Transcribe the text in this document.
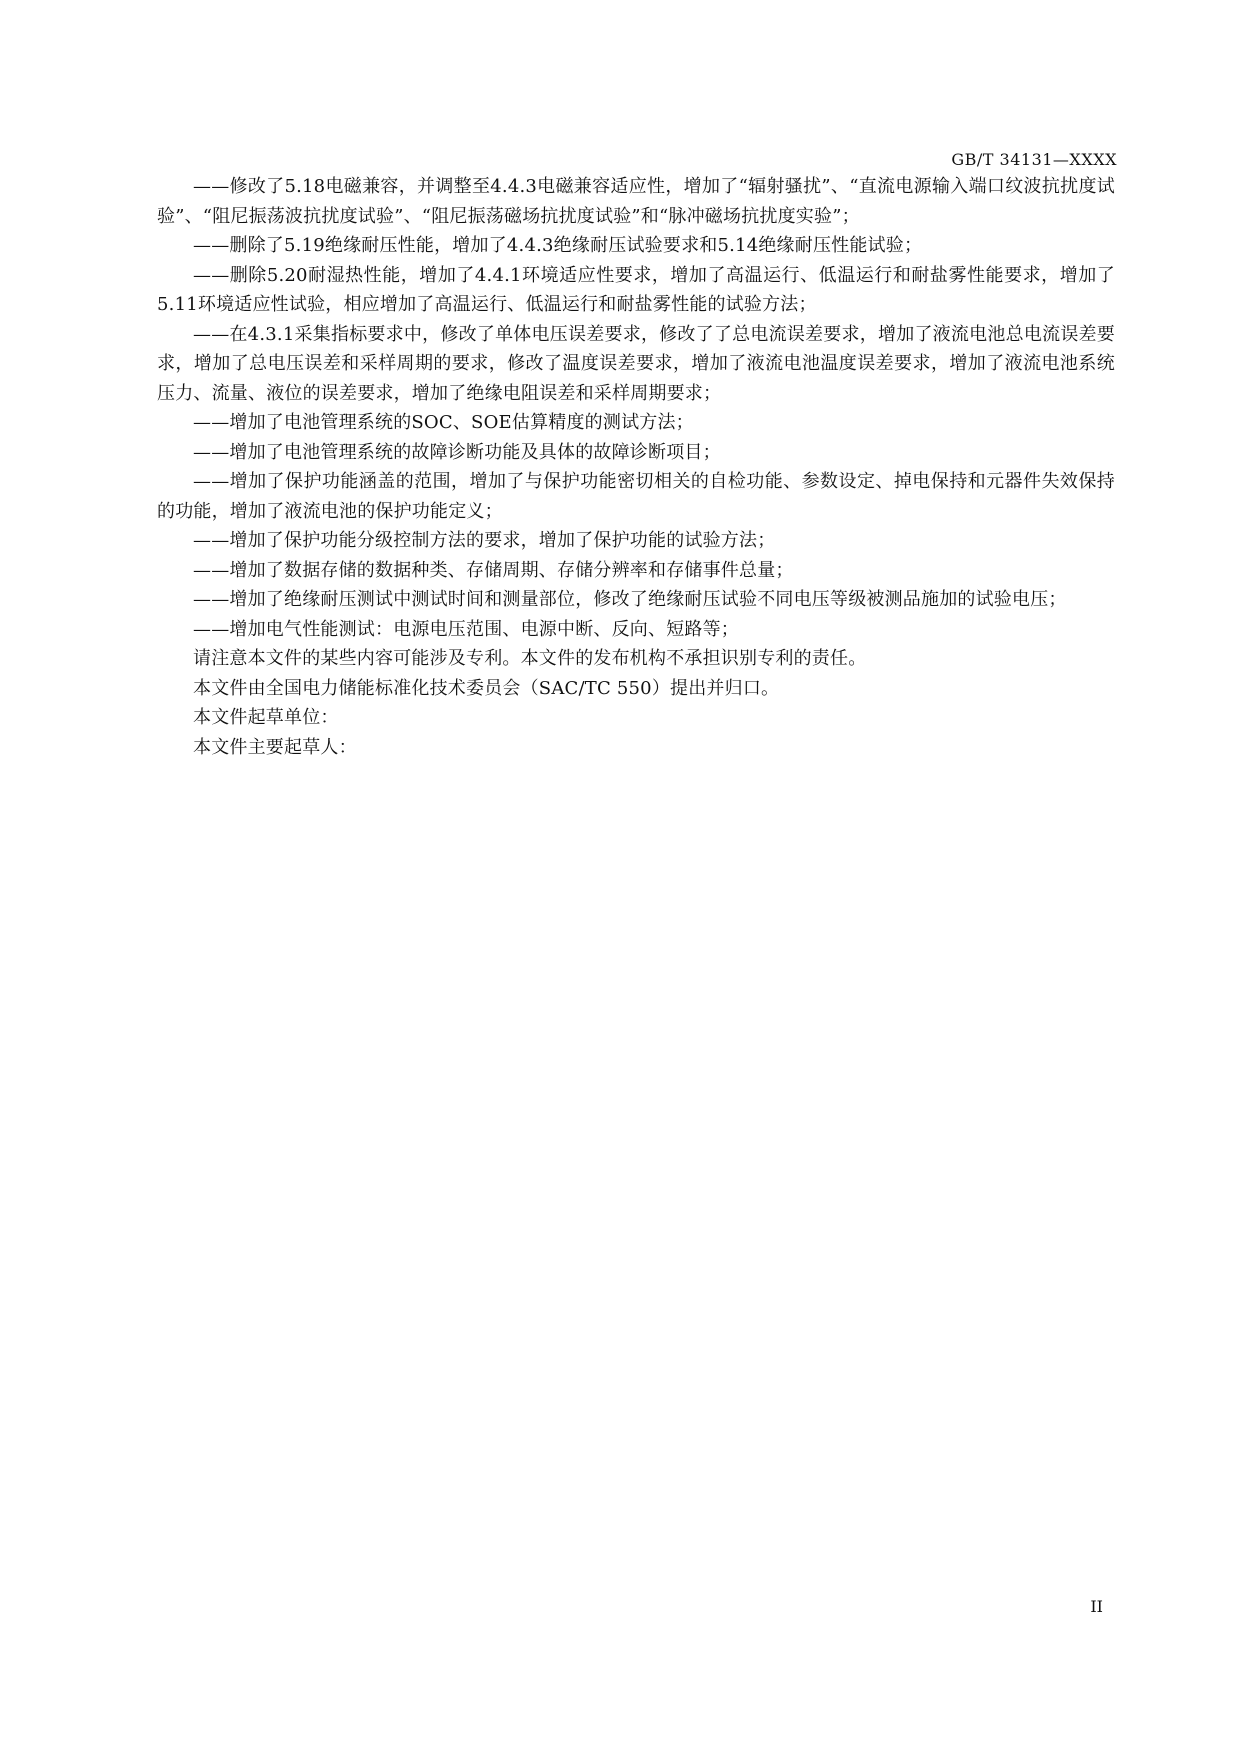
GB/T 34131—XXXX

——修改了5.18电磁兼容，并调整至4.4.3电磁兼容适应性，增加了“辐射骚扰”、“直流电源输入端口纹波抗扰度试验”、“阻尼振荡波抗扰度试验”、“阻尼振荡磁场抗扰度试验”和“脉冲磁场抗扰度实验”；

——删除了5.19绝缘耐压性能，增加了4.4.3绝缘耐压试验要求和5.14绝缘耐压性能试验；

——删除5.20耐湿热性能，增加了4.4.1环境适应性要求，增加了高温运行、低温运行和耐盐雾性能要求，增加了5.11环境适应性试验，相应增加了高温运行、低温运行和耐盐雾性能的试验方法；

——在4.3.1采集指标要求中，修改了单体电压误差要求，修改了了总电流误差要求，增加了液流电池总电流误差要求，增加了总电压误差和采样周期的要求，修改了温度误差要求，增加了液流电池温度误差要求，增加了液流电池系统压力、流量、液位的误差要求，增加了绝缘电阻误差和采样周期要求；

——增加了电池管理系统的SOC、SOE估算精度的测试方法；

——增加了电池管理系统的故障诊断功能及具体的故障诊断项目；

——增加了保护功能涵盖的范围，增加了与保护功能密切相关的自检功能、参数设定、掉电保持和元器件失效保持的功能，增加了液流电池的保护功能定义；

——增加了保护功能分级控制方法的要求，增加了保护功能的试验方法；

——增加了数据存储的数据种类、存储周期、存储分辨率和存储事件总量；

——增加了绝缘耐压测试中测试时间和测量部位，修改了绝缘耐压试验不同电压等级被测品施加的试验电压；

——增加电气性能测试：电源电压范围、电源中断、反向、短路等；

请注意本文件的某些内容可能涉及专利。本文件的发布机构不承担识别专利的责任。

本文件由全国电力储能标准化技术委员会（SAC/TC 550）提出并归口。

本文件起草单位：

本文件主要起草人：

II
